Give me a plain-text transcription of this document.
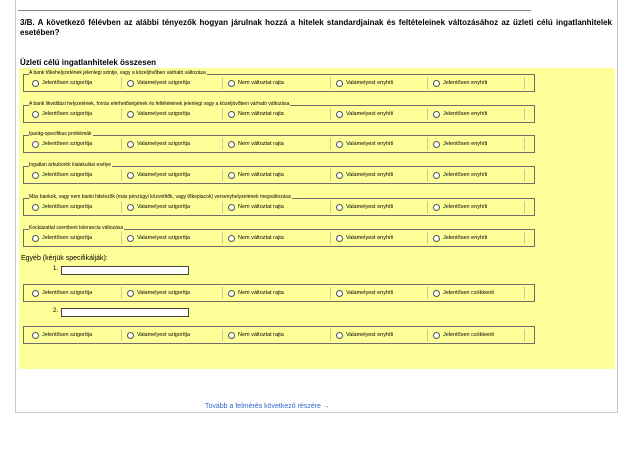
3/B. A következő félévben az alábbi tényezők hogyan járulnak hozzá a hitelek standardjainak és feltételeinek változásához az üzleti célú ingatlanhitelek esetében?
Üzleti célú ingatlanhitelek összesen
A bank tőkehelyzetének jelenlegi szintje, vagy a közeljövőben várható változása
Jelentősen szigorítja	Valamelyest szigorítja	Nem változtat rajta	Valamelyest enyhíti	Jelentősen enyhíti
A bank likviditási helyzetének, forrás elérhetőségének és feltételeinek jelenlegi vagy a közeljövőben várható változása
Jelentősen szigorítja	Valamelyest szigorítja	Nem változtat rajta	Valamelyest enyhíti	Jelentősen enyhíti
Iparág-specifikus problémák
Jelentősen szigorítja	Valamelyest szigorítja	Nem változtat rajta	Valamelyest enyhíti	Jelentősen enyhíti
Ingatlan árbuborék kialakulási esélye
Jelentősen szigorítja	Valamelyest szigorítja	Nem változtat rajta	Valamelyest enyhíti	Jelentősen enyhíti
Más bankok, vagy nem banki hitelezők (más pénzügyi közvetítők, vagy tőkepiacok) versenyhelyzetének megváltozása
Jelentősen szigorítja	Valamelyest szigorítja	Nem változtat rajta	Valamelyest enyhíti	Jelentősen enyhíti
Kockázattal szembeni tolerancia változása
Jelentősen szigorítja	Valamelyest szigorítja	Nem változtat rajta	Valamelyest enyhíti	Jelentősen enyhíti
Jelentősen szigorítja	Valamelyest szigorítja	Nem változtat rajta	Valamelyest enyhíti	Jelentősen csökkenti
Jelentősen szigorítja	Valamelyest szigorítja	Nem változtat rajta	Valamelyest enyhíti	Jelentősen csökkenti
Egyéb (kérjük specifikálják):
1.
2.
Tovább a felmérés következő részére →
